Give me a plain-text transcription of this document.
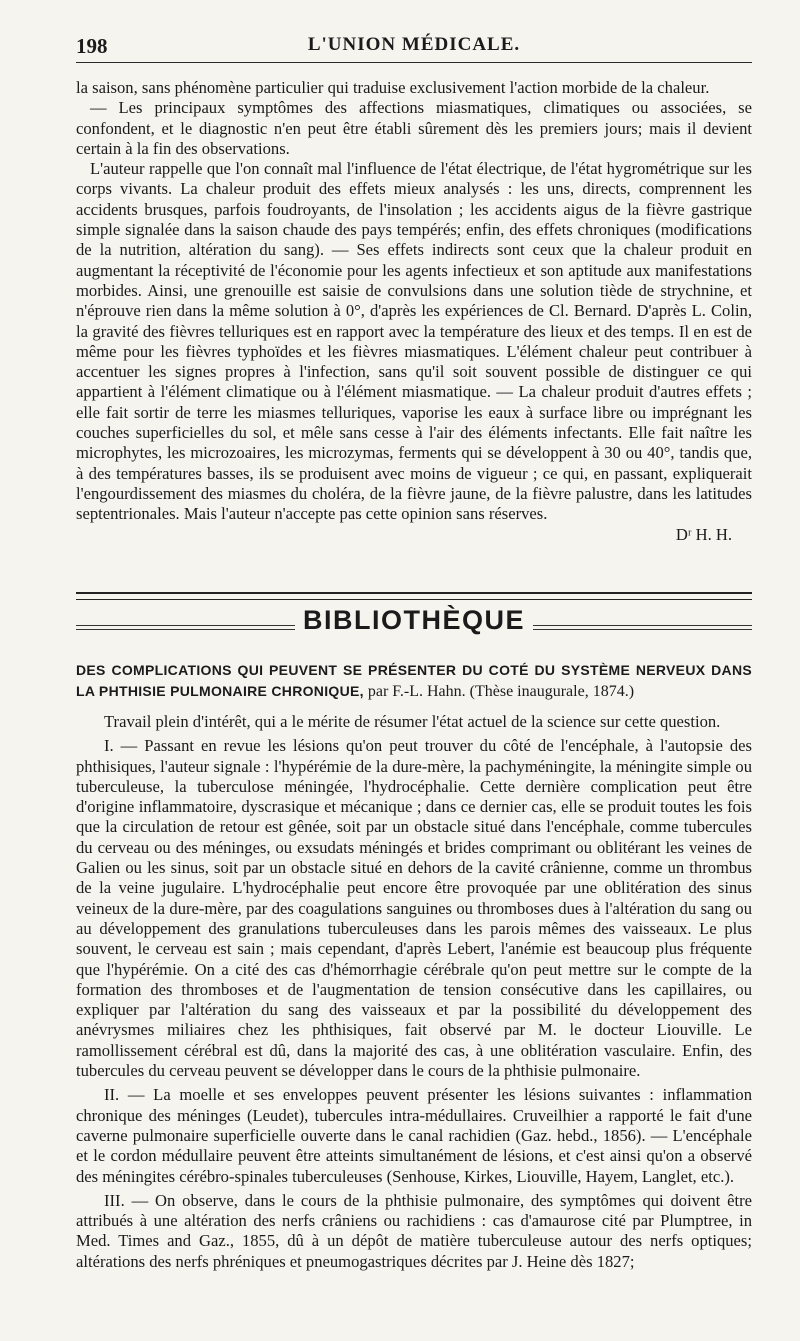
198	L'UNION MÉDICALE.

la saison, sans phénomène particulier qui traduise exclusivement l'action morbide de la chaleur.

— Les principaux symptômes des affections miasmatiques, climatiques ou associées, se confondent, et le diagnostic n'en peut être établi sûrement dès les premiers jours; mais il devient certain à la fin des observations.

L'auteur rappelle que l'on connaît mal l'influence de l'état électrique, de l'état hygrométrique sur les corps vivants. La chaleur produit des effets mieux analysés : les uns, directs, comprennent les accidents brusques, parfois foudroyants, de l'insolation ; les accidents aigus de la fièvre gastrique simple signalée dans la saison chaude des pays tempérés; enfin, des effets chroniques (modifications de la nutrition, altération du sang). — Ses effets indirects sont ceux que la chaleur produit en augmentant la réceptivité de l'économie pour les agents infectieux et son aptitude aux manifestations morbides. Ainsi, une grenouille est saisie de convulsions dans une solution tiède de strychnine, et n'éprouve rien dans la même solution à 0°, d'après les expériences de Cl. Bernard. D'après L. Colin, la gravité des fièvres telluriques est en rapport avec la température des lieux et des temps. Il en est de même pour les fièvres typhoïdes et les fièvres miasmatiques. L'élément chaleur peut contribuer à accentuer les signes propres à l'infection, sans qu'il soit souvent possible de distinguer ce qui appartient à l'élément climatique ou à l'élément miasmatique. — La chaleur produit d'autres effets ; elle fait sortir de terre les miasmes telluriques, vaporise les eaux à surface libre ou imprégnant les couches superficielles du sol, et mêle sans cesse à l'air des éléments infectants. Elle fait naître les microphytes, les microzoaires, les microzymas, ferments qui se développent à 30 ou 40°, tandis que, à des températures basses, ils se produisent avec moins de vigueur ; ce qui, en passant, expliquerait l'engourdissement des miasmes du choléra, de la fièvre jaune, de la fièvre palustre, dans les latitudes septentrionales. Mais l'auteur n'accepte pas cette opinion sans réserves.

Dʳ H. H.

BIBLIOTHÈQUE
DES COMPLICATIONS QUI PEUVENT SE PRÉSENTER DU COTÉ DU SYSTÈME NERVEUX DANS LA PHTHISIE PULMONAIRE CHRONIQUE, par F.-L. Hahn. (Thèse inaugurale, 1874.)

Travail plein d'intérêt, qui a le mérite de résumer l'état actuel de la science sur cette question.

I. — Passant en revue les lésions qu'on peut trouver du côté de l'encéphale, à l'autopsie des phthisiques, l'auteur signale : l'hypérémie de la dure-mère, la pachyméningite, la méningite simple ou tuberculeuse, la tuberculose méningée, l'hydrocéphalie. Cette dernière complication peut être d'origine inflammatoire, dyscrasique et mécanique ; dans ce dernier cas, elle se produit toutes les fois que la circulation de retour est gênée, soit par un obstacle situé dans l'encéphale, comme tubercules du cerveau ou des méninges, ou exsudats méningés et brides comprimant ou oblitérant les veines de Galien ou les sinus, soit par un obstacle situé en dehors de la cavité crânienne, comme un thrombus de la veine jugulaire. L'hydrocéphalie peut encore être provoquée par une oblitération des sinus veineux de la dure-mère, par des coagulations sanguines ou thromboses dues à l'altération du sang ou au développement des granulations tuberculeuses dans les parois mêmes des vaisseaux. Le plus souvent, le cerveau est sain ; mais cependant, d'après Lebert, l'anémie est beaucoup plus fréquente que l'hypérémie. On a cité des cas d'hémorrhagie cérébrale qu'on peut mettre sur le compte de la formation des thromboses et de l'augmentation de tension consécutive dans les capillaires, ou expliquer par l'altération du sang des vaisseaux et par la possibilité du développement des anévrysmes miliaires chez les phthisiques, fait observé par M. le docteur Liouville. Le ramollissement cérébral est dû, dans la majorité des cas, à une oblitération vasculaire. Enfin, des tubercules du cerveau peuvent se développer dans le cours de la phthisie pulmonaire.

II. — La moelle et ses enveloppes peuvent présenter les lésions suivantes : inflammation chronique des méninges (Leudet), tubercules intra-médullaires. Cruveilhier a rapporté le fait d'une caverne pulmonaire superficielle ouverte dans le canal rachidien (Gaz. hebd., 1856). — L'encéphale et le cordon médullaire peuvent être atteints simultanément de lésions, et c'est ainsi qu'on a observé des méningites cérébro-spinales tuberculeuses (Senhouse, Kirkes, Liouville, Hayem, Langlet, etc.).

III. — On observe, dans le cours de la phthisie pulmonaire, des symptômes qui doivent être attribués à une altération des nerfs crâniens ou rachidiens : cas d'amaurose cité par Plumptree, in Med. Times and Gaz., 1855, dû à un dépôt de matière tuberculeuse autour des nerfs optiques; altérations des nerfs phréniques et pneumogastriques décrites par J. Heine dès 1827;
